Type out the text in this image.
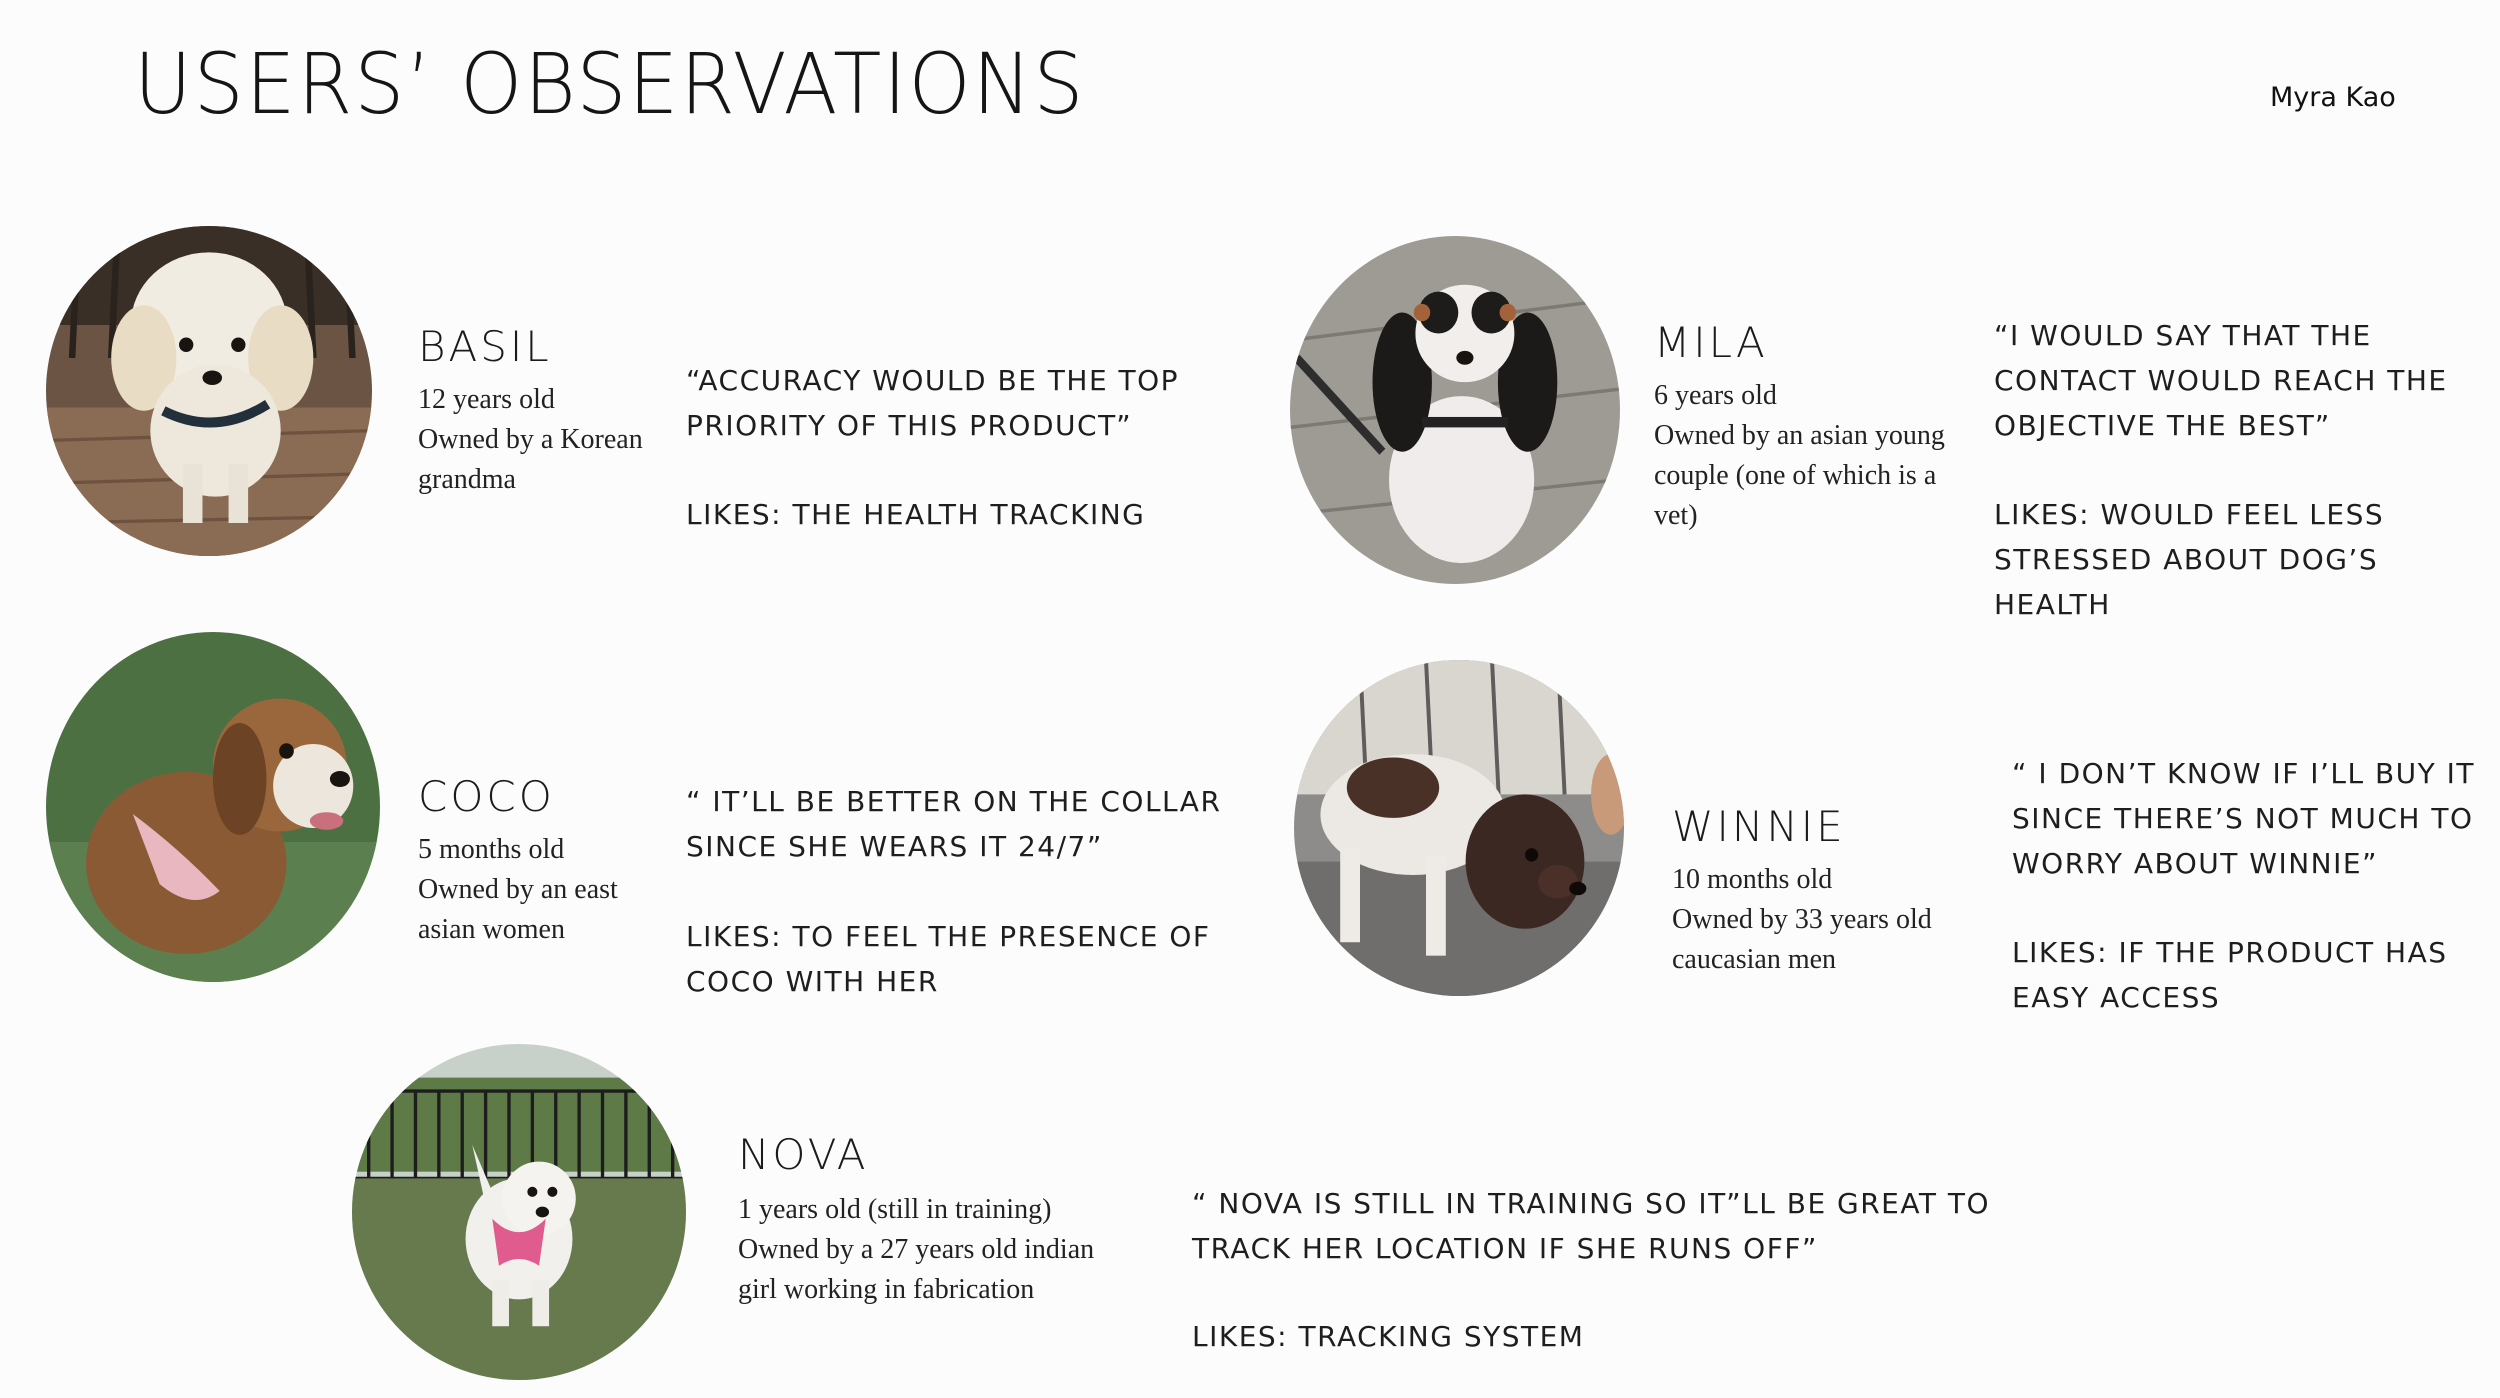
USERS’ OBSERVATIONS	Myra Kao
BASIL
12 years old
Owned by a Korean
grandma
“ACCURACY WOULD BE THE TOP
PRIORITY OF THIS PRODUCT”
LIKES: THE HEALTH TRACKING
MILA
6 years old
Owned by an asian young
couple (one of which is a
vet)
“I WOULD SAY THAT THE
CONTACT WOULD REACH THE
OBJECTIVE THE BEST”
LIKES: WOULD FEEL LESS
STRESSED ABOUT DOG’S
HEALTH
COCO
5 months old
Owned by an east
asian women
“ IT’LL BE BETTER ON THE COLLAR
SINCE SHE WEARS IT 24/7”
LIKES: TO FEEL THE PRESENCE OF
COCO WITH HER
WINNIE
10 months old
Owned by 33 years old
caucasian men
“ I DON’T KNOW IF I’LL BUY IT
SINCE THERE’S NOT MUCH TO
WORRY ABOUT WINNIE”
LIKES: IF THE PRODUCT HAS
EASY ACCESS
NOVA
1 years old (still in training)
Owned by a 27 years old indian
girl working in fabrication
“ NOVA IS STILL IN TRAINING SO IT”LL BE GREAT TO
TRACK HER LOCATION IF SHE RUNS OFF”
LIKES: TRACKING SYSTEM
